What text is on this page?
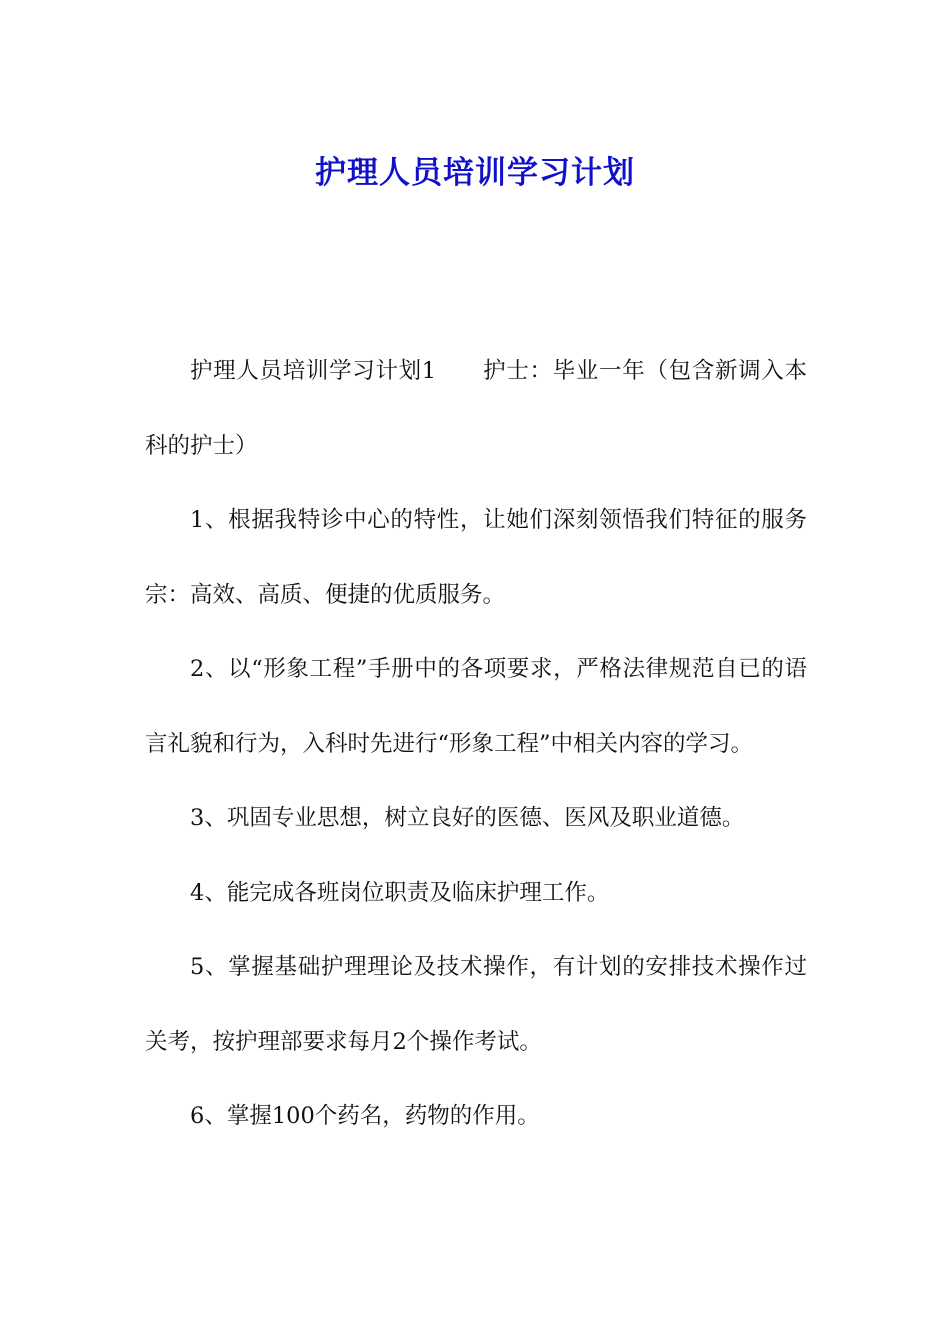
护理人员培训学习计划

护理人员培训学习计划1　　护士：毕业一年（包含新调入本科的护士）

1、根据我特诊中心的特性，让她们深刻领悟我们特征的服务宗：高效、高质、便捷的优质服务。

2、以“形象工程”手册中的各项要求，严格法律规范自已的语言礼貌和行为，入科时先进行“形象工程”中相关内容的学习。

3、巩固专业思想，树立良好的医德、医风及职业道德。

4、能完成各班岗位职责及临床护理工作。

5、掌握基础护理理论及技术操作，有计划的安排技术操作过关考，按护理部要求每月2个操作考试。

6、掌握100个药名，药物的作用。
